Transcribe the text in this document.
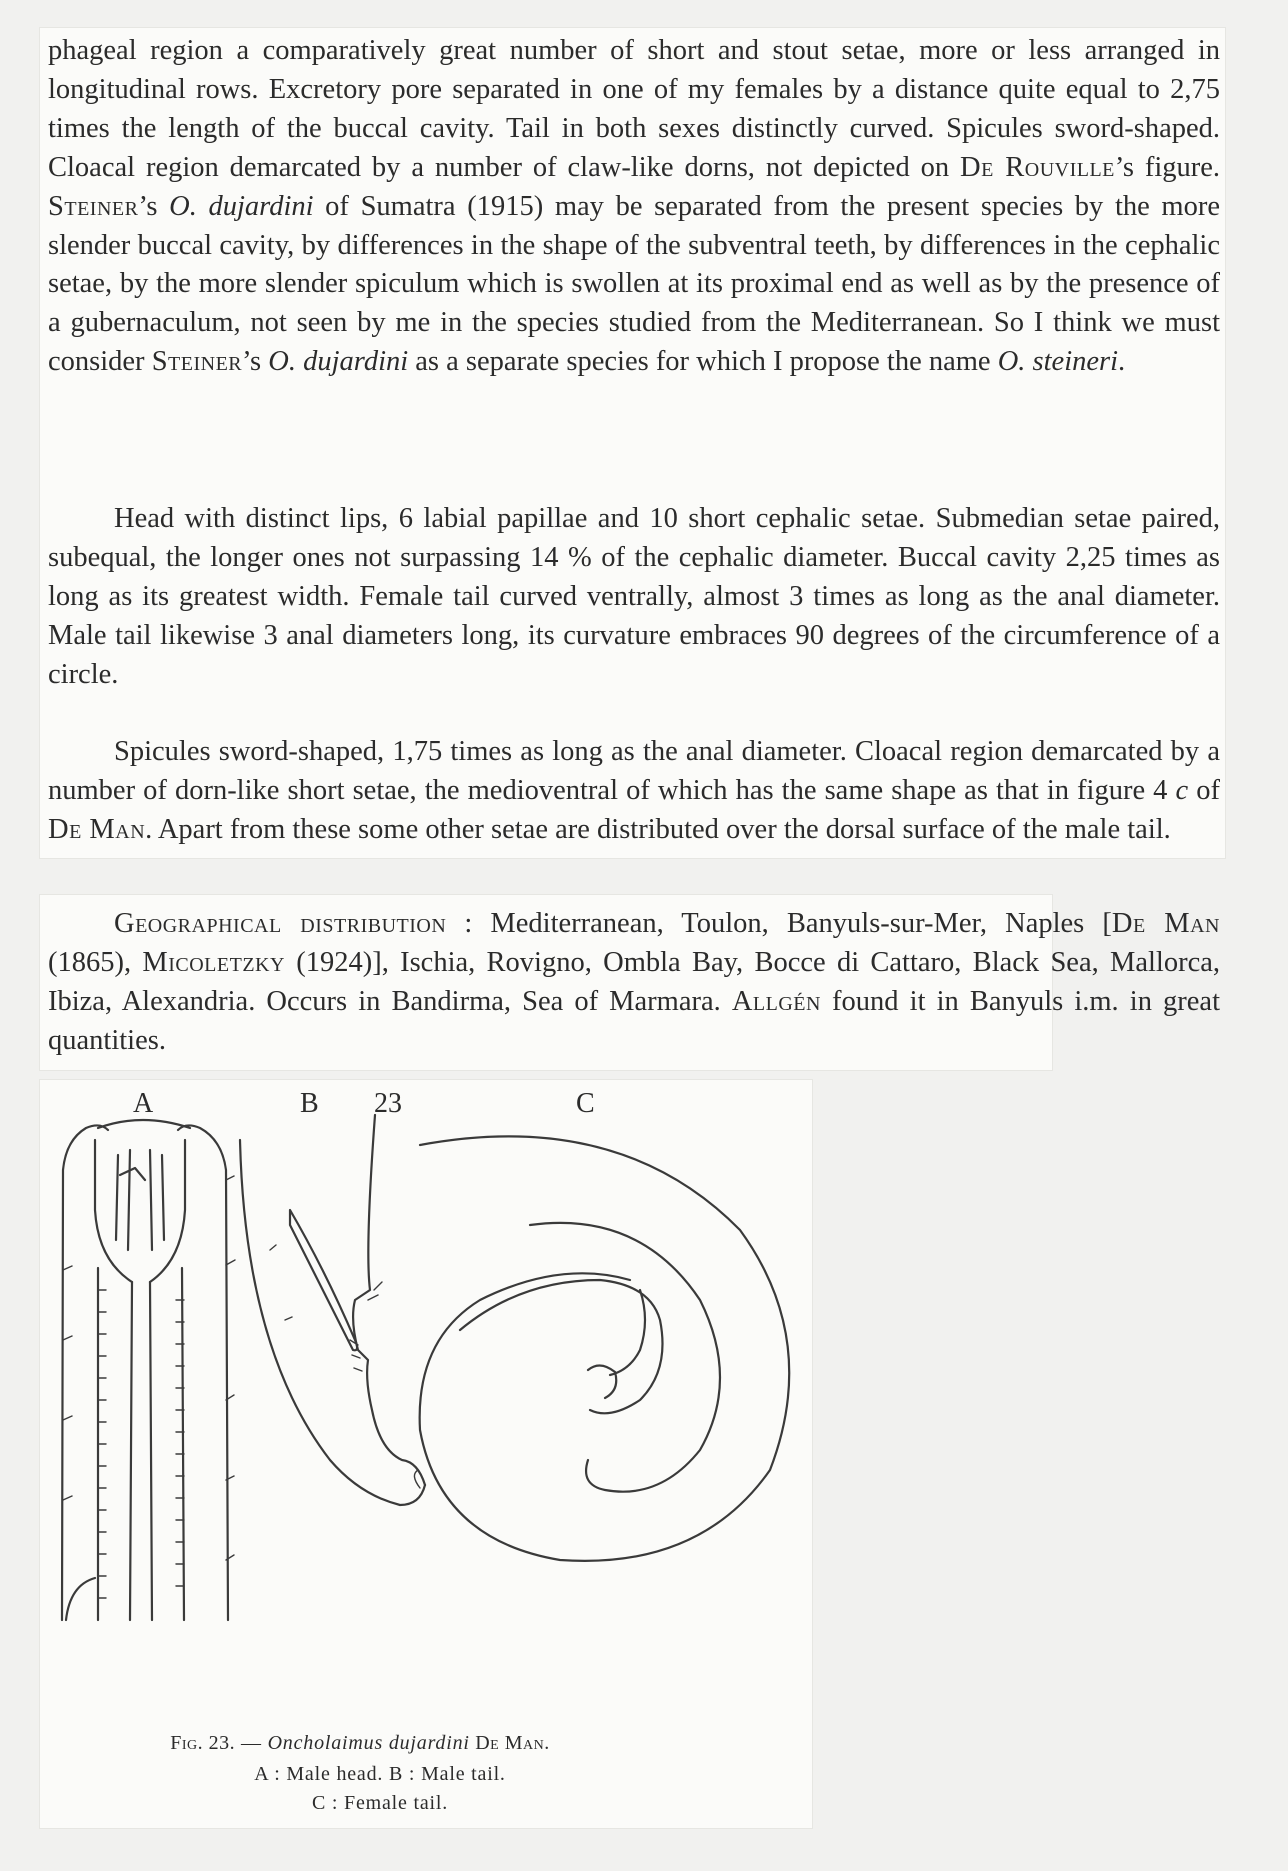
phageal region a comparatively great number of short and stout setae, more or less arranged in longitudinal rows. Excretory pore separated in one of my females by a distance quite equal to 2,75 times the length of the buccal cavity. Tail in both sexes distinctly curved. Spicules sword-shaped. Cloacal region demarcated by a number of claw-like dorns, not depicted on De Rouville’s figure. Steiner’s O. dujardini of Sumatra (1915) may be separated from the present species by the more slender buccal cavity, by differences in the shape of the subventral teeth, by differences in the cephalic setae, by the more slender spiculum which is swollen at its proximal end as well as by the presence of a gubernaculum, not seen by me in the species studied from the Mediterranean. So I think we must consider Steiner’s O. dujardini as a separate species for which I propose the name O. steineri.

Head with distinct lips, 6 labial papillae and 10 short cephalic setae. Submedian setae paired, subequal, the longer ones not surpassing 14 % of the cephalic diameter. Buccal cavity 2,25 times as long as its greatest width. Female tail curved ventrally, almost 3 times as long as the anal diameter. Male tail likewise 3 anal diameters long, its curvature embraces 90 degrees of the circumference of a circle.

Spicules sword-shaped, 1,75 times as long as the anal diameter. Cloacal region demarcated by a number of dorn-like short setae, the medioventral of which has the same shape as that in figure 4 c of De Man. Apart from these some other setae are distributed over the dorsal surface of the male tail.

Geographical distribution : Mediterranean, Toulon, Banyuls-sur-Mer, Naples [De Man (1865), Micoletzky (1924)], Ischia, Rovigno, Ombla Bay, Bocce di Cattaro, Black Sea, Mallorca, Ibiza, Alexandria. Occurs in Bandirma, Sea of Marmara. Allgén found it in Banyuls i.m. in great quantities.

A	B 23	C
Fig. 23. — Oncholaimus dujardini De Man.
A : Male head. B : Male tail.
C : Female tail.
